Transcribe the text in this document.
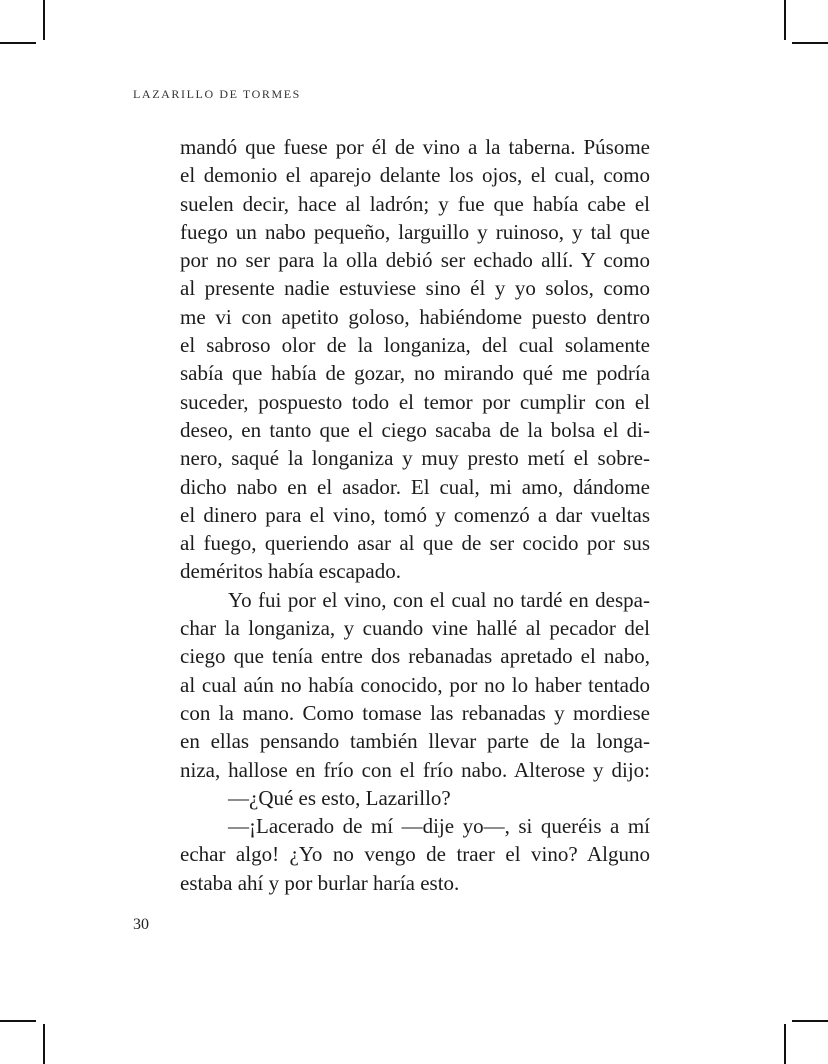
LAZARILLO DE TORMES
mandó que fuese por él de vino a la taberna. Púsome
el demonio el aparejo delante los ojos, el cual, como
suelen decir, hace al ladrón; y fue que había cabe el
fuego un nabo pequeño, larguillo y ruinoso, y tal que
por no ser para la olla debió ser echado allí. Y como
al presente nadie estuviese sino él y yo solos, como
me vi con apetito goloso, habiéndome puesto dentro
el sabroso olor de la longaniza, del cual solamente
sabía que había de gozar, no mirando qué me podría
suceder, pospuesto todo el temor por cumplir con el
deseo, en tanto que el ciego sacaba de la bolsa el di-
nero, saqué la longaniza y muy presto metí el sobre-
dicho nabo en el asador. El cual, mi amo, dándome
el dinero para el vino, tomó y comenzó a dar vueltas
al fuego, queriendo asar al que de ser cocido por sus
deméritos había escapado.
Yo fui por el vino, con el cual no tardé en despa-
char la longaniza, y cuando vine hallé al pecador del
ciego que tenía entre dos rebanadas apretado el nabo,
al cual aún no había conocido, por no lo haber tentado
con la mano. Como tomase las rebanadas y mordiese
en ellas pensando también llevar parte de la longa-
niza, hallose en frío con el frío nabo. Alterose y dijo:
—¿Qué es esto, Lazarillo?
—¡Lacerado de mí —dije yo—, si queréis a mí
echar algo! ¿Yo no vengo de traer el vino? Alguno
estaba ahí y por burlar haría esto.
30
